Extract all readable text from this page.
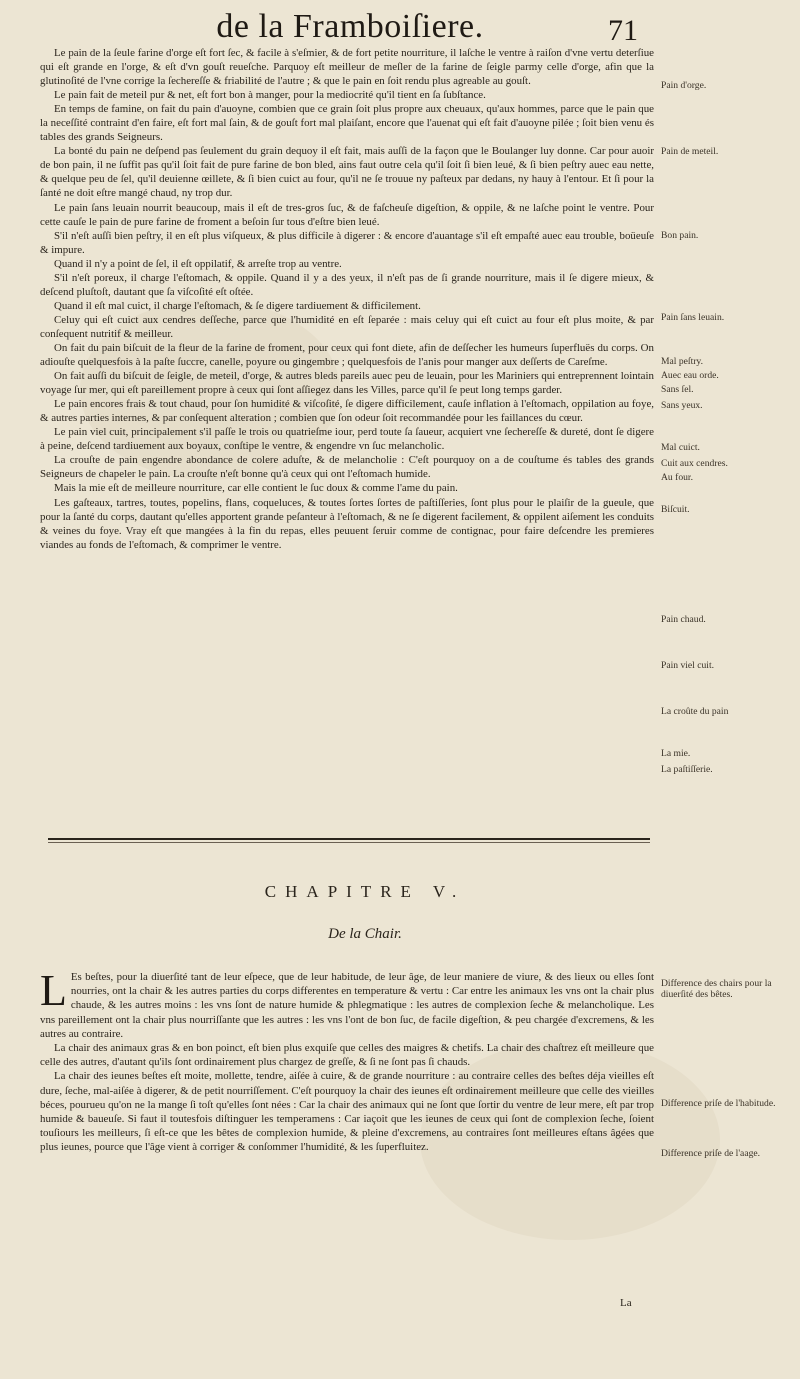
de la Framboiſiere.	71

Le pain de la ſeule farine d'orge eſt fort ſec, & facile à s'eſmier, & de fort petite nourriture, il laſche le ventre à raiſon d'vne vertu deterſiue qui eſt grande en l'orge, & eſt d'vn gouſt reueſche. Parquoy eſt meilleur de meſler de la farine de ſeigle parmy celle d'orge, afin que la glutinoſité de l'vne corrige la ſechereſſe & friabilité de l'autre ; & que le pain en ſoit rendu plus agreable au gouſt.

Le pain fait de meteil pur & net, eſt fort bon à manger, pour la mediocrité qu'il tient en ſa ſubſtance.

En temps de famine, on fait du pain d'auoyne, combien que ce grain ſoit plus propre aux cheuaux, qu'aux hommes, parce que le pain que la neceſſité contraint d'en faire, eſt fort mal ſain, & de gouſt fort mal plaiſant, encore que l'auenat qui eſt fait d'auoyne pilée ; ſoit bien venu és tables des grands Seigneurs.

La bonté du pain ne deſpend pas ſeulement du grain dequoy il eſt fait, mais auſſi de la façon que le Boulanger luy donne. Car pour auoir de bon pain, il ne ſuffit pas qu'il ſoit fait de pure farine de bon bled, ains faut outre cela qu'il ſoit ſi bien leué, & ſi bien peſtry auec eau nette, & quelque peu de ſel, qu'il deuienne œillete, & ſi bien cuict au four, qu'il ne ſe trouue ny paſteux par dedans, ny hauy à l'entour. Et ſi pour la ſanté ne doit eſtre mangé chaud, ny trop dur.

Le pain ſans leuain nourrit beaucoup, mais il eſt de tres-gros ſuc, & de faſcheuſe digeſtion, & oppile, & ne laſche point le ventre. Pour cette cauſe le pain de pure farine de froment a beſoin ſur tous d'eſtre bien leué.

S'il n'eſt auſſi bien peſtry, il en eſt plus viſqueux, & plus difficile à digerer : & encore d'auantage s'il eſt empaſté auec eau trouble, boüeuſe & impure.

Quand il n'y a point de ſel, il eſt oppilatif, & arreſte trop au ventre.

S'il n'eſt poreux, il charge l'eſtomach, & oppile. Quand il y a des yeux, il n'eſt pas de ſi grande nourriture, mais il ſe digere mieux, & deſcend pluſtoſt, dautant que ſa viſcoſité eſt oſtée.

Quand il eſt mal cuict, il charge l'eſtomach, & ſe digere tardiuement & difficilement.

Celuy qui eſt cuict aux cendres deſſeche, parce que l'humidité en eſt ſeparée : mais celuy qui eſt cuict au four eſt plus moite, & par conſequent nutritif & meilleur.

On fait du pain biſcuit de la fleur de la farine de froment, pour ceux qui font diete, afin de deſſecher les humeurs ſuperfluës du corps. On adiouſte quelquesfois à la paſte ſuccre, canelle, poyure ou gingembre ; quelquesfois de l'anis pour manger aux deſſerts de Careſme.

On fait auſſi du biſcuit de ſeigle, de meteil, d'orge, & autres bleds pareils auec peu de leuain, pour les Mariniers qui entreprennent lointain voyage ſur mer, qui eſt pareillement propre à ceux qui ſont aſſiegez dans les Villes, parce qu'il ſe peut long temps garder.

Le pain encores frais & tout chaud, pour ſon humidité & viſcoſité, ſe digere difficilement, cauſe inflation à l'eſtomach, oppilation au foye, & autres parties internes, & par conſequent alteration ; combien que ſon odeur ſoit recommandée pour les faillances du cœur.

Le pain viel cuit, principalement s'il paſſe le trois ou quatrieſme iour, perd toute ſa ſaueur, acquiert vne ſechereſſe & dureté, dont ſe digere à peine, deſcend tardiuement aux boyaux, conſtipe le ventre, & engendre vn ſuc melancholic.

La crouſte de pain engendre abondance de colere aduſte, & de melancholie : C'eſt pourquoy on a de couſtume és tables des grands Seigneurs de chapeler le pain. La crouſte n'eſt bonne qu'à ceux qui ont l'eſtomach humide.

Mais la mie eſt de meilleure nourriture, car elle contient le ſuc doux & comme l'ame du pain.

Les gaſteaux, tartres, toutes, popelins, flans, coqueluces, & toutes ſortes ſortes de paſtiſſeries, ſont plus pour le plaiſir de la gueule, que pour la ſanté du corps, dautant qu'elles apportent grande peſanteur à l'eſtomach, & ne ſe digerent facilement, & oppilent aiſement les conduits & veines du foye. Vray eſt que mangées à la fin du repas, elles peuuent ſeruir comme de contignac, pour faire deſcendre les premieres viandes au fonds de l'eſtomach, & comprimer le ventre.

CHAPITRE V.
De la Chair.

L Es beſtes, pour la diuerſité tant de leur eſpece, que de leur habitude, de leur âge, de leur maniere de viure, & des lieux ou elles ſont nourries, ont la chair & les autres parties du corps differentes en temperature & vertu : Car entre les animaux les vns ont la chair plus chaude, & les autres moins : les vns ſont de nature humide & phlegmatique : les autres de complexion ſeche & melancholique. Les vns pareillement ont la chair plus nourriſſante que les autres : les vns l'ont de bon ſuc, de facile digeſtion, & peu chargée d'excremens, & les autres au contraire.

La chair des animaux gras & en bon poinct, eſt bien plus exquiſe que celles des maigres & chetifs. La chair des chaſtrez eſt meilleure que celle des autres, d'autant qu'ils ſont ordinairement plus chargez de greſſe, & ſi ne ſont pas ſi chauds.

La chair des ieunes beſtes eſt moite, mollette, tendre, aiſée à cuire, & de grande nourriture : au contraire celles des beſtes déja vieilles eſt dure, ſeche, mal-aiſée à digerer, & de petit nourriſſement. C'eſt pourquoy la chair des ieunes eſt ordinairement meilleure que celle des vieilles béces, pourueu qu'on ne la mange ſi toſt qu'elles ſont nées : Car la chair des animaux qui ne ſont que ſortir du ventre de leur mere, eſt par trop humide & baueuſe. Si faut il toutesfois diſtinguer les temperamens : Car iaçoit que les ieunes de ceux qui ſont de complexion ſeche, ſoient touſiours les meilleurs, ſi eſt-ce que les bêtes de complexion humide, & pleine d'excremens, au contraires ſont meilleures eſtans âgées que plus ieunes, pource que l'âge vient à corriger & conſommer l'humidité, & les ſuperfluitez.

La
Pain d'orge.
Pain de meteil.
Bon pain.
Pain ſans leuain.
Mal peſtry.
Auec eau orde.
Sans ſel.
Sans yeux.
Mal cuict.
Cuit aux cendres.
Au four.
Biſcuit.
Pain chaud.
Pain viel cuit.
La croûte du pain
La mie.
La paſtiſſerie.
Difference des chairs pour la diuerſité des bêtes.
Difference priſe de l'habitude.
Difference priſe de l'aage.
